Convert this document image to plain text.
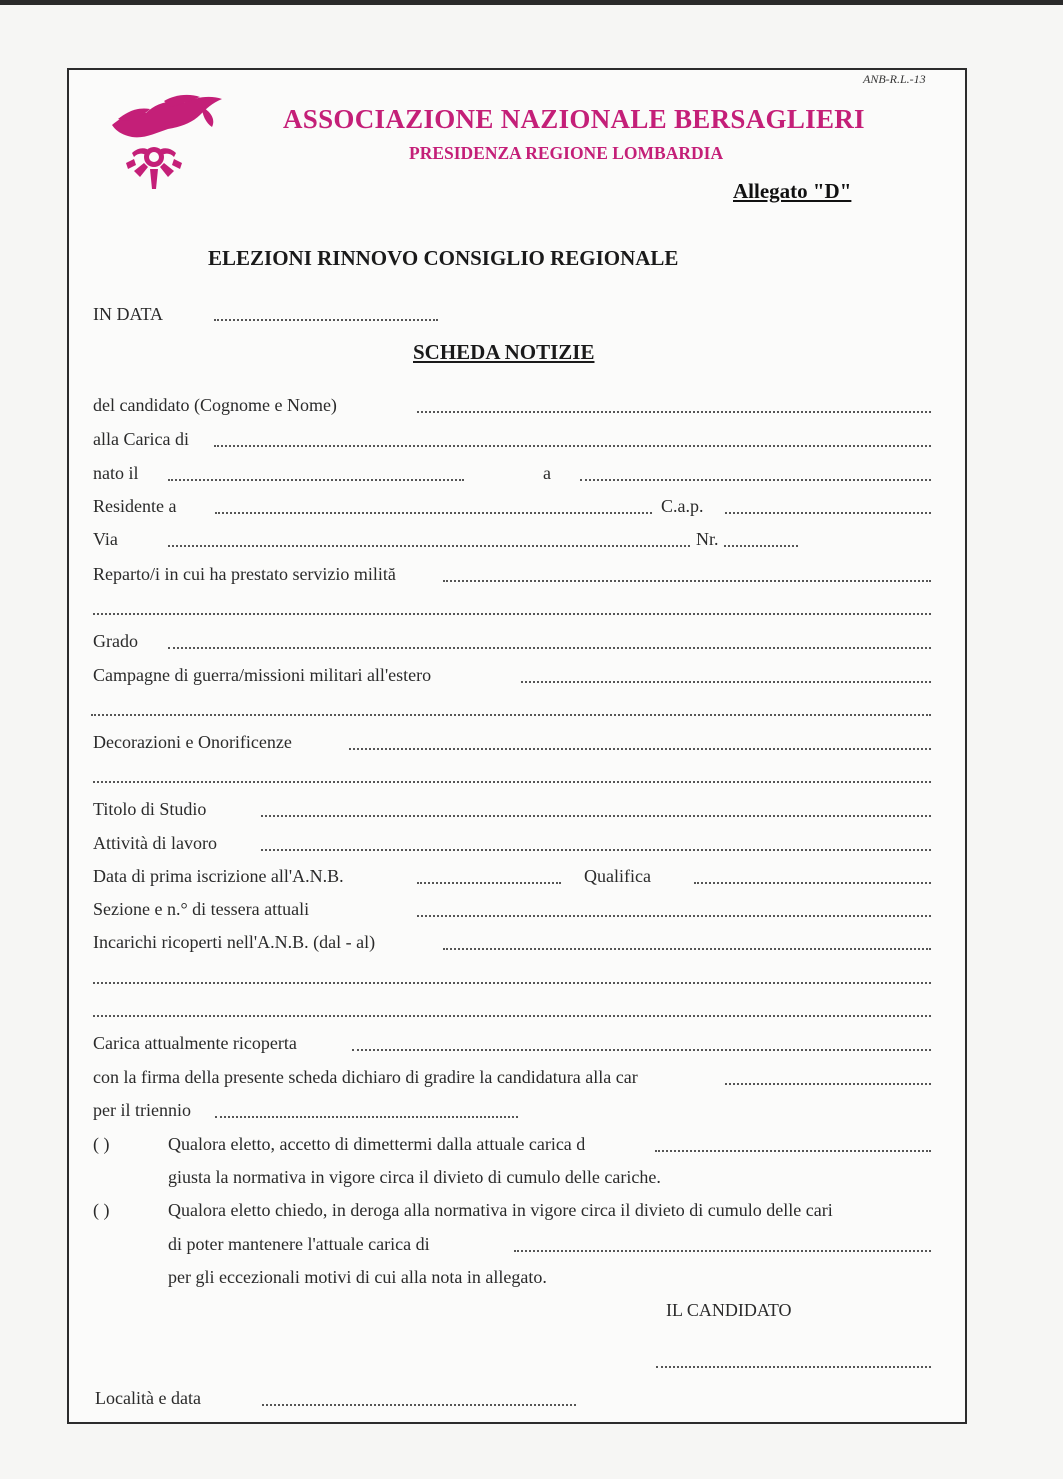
ANB-R.L.-13
ASSOCIAZIONE NAZIONALE BERSAGLIERI
PRESIDENZA REGIONE LOMBARDIA
Allegato "D"
ELEZIONI RINNOVO CONSIGLIO REGIONALE
IN DATA
SCHEDA NOTIZIE
del candidato (Cognome e Nome)
alla Carica di
nato il	a
Residente a	C.a.p.
Via	Nr.
Reparto/i in cui ha prestato servizio milită
Grado
Campagne di guerra/missioni militari all'estero
Decorazioni e Onorificenze
Titolo di Studio
Attività di lavoro
Data di prima iscrizione all'A.N.B.	Qualifica
Sezione e n.° di tessera attuali
Incarichi ricoperti nell'A.N.B. (dal - al)
Carica attualmente ricoperta
con la firma della presente scheda dichiaro di gradire la candidatura alla car
per il triennio
( )	Qualora eletto, accetto di dimettermi dalla attuale carica d
giusta la normativa in vigore circa il divieto di cumulo delle cariche.
( )	Qualora eletto chiedo, in deroga alla normativa in vigore circa il divieto di cumulo delle cari
di poter mantenere l'attuale carica di
per gli eccezionali motivi di cui alla nota in allegato.
IL CANDIDATO
Località e data
